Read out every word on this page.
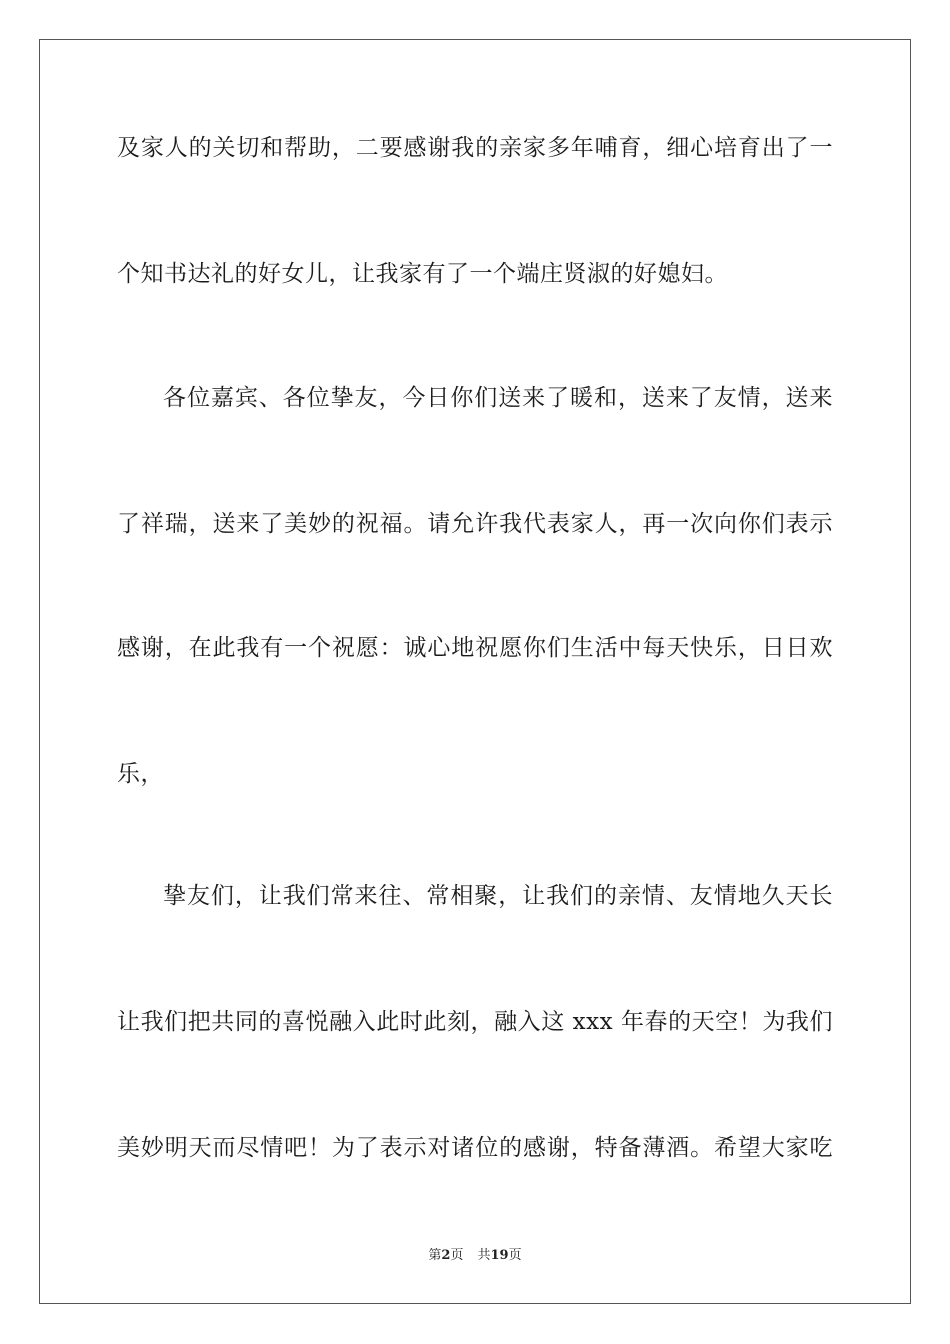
及家人的关切和帮助，二要感谢我的亲家多年哺育，细心培育出了一
个知书达礼的好女儿，让我家有了一个端庄贤淑的好媳妇。
各位嘉宾、各位挚友，今日你们送来了暖和，送来了友情，送来
了祥瑞，送来了美妙的祝福。请允许我代表家人，再一次向你们表示
感谢，在此我有一个祝愿：诚心地祝愿你们生活中每天快乐，日日欢
乐，
挚友们，让我们常来往、常相聚，让我们的亲情、友情地久天长
让我们把共同的喜悦融入此时此刻，融入这 xxx 年春的天空！为我们
美妙明天而尽情吧！为了表示对诸位的感谢，特备薄酒。希望大家吃
第2页 共19页
